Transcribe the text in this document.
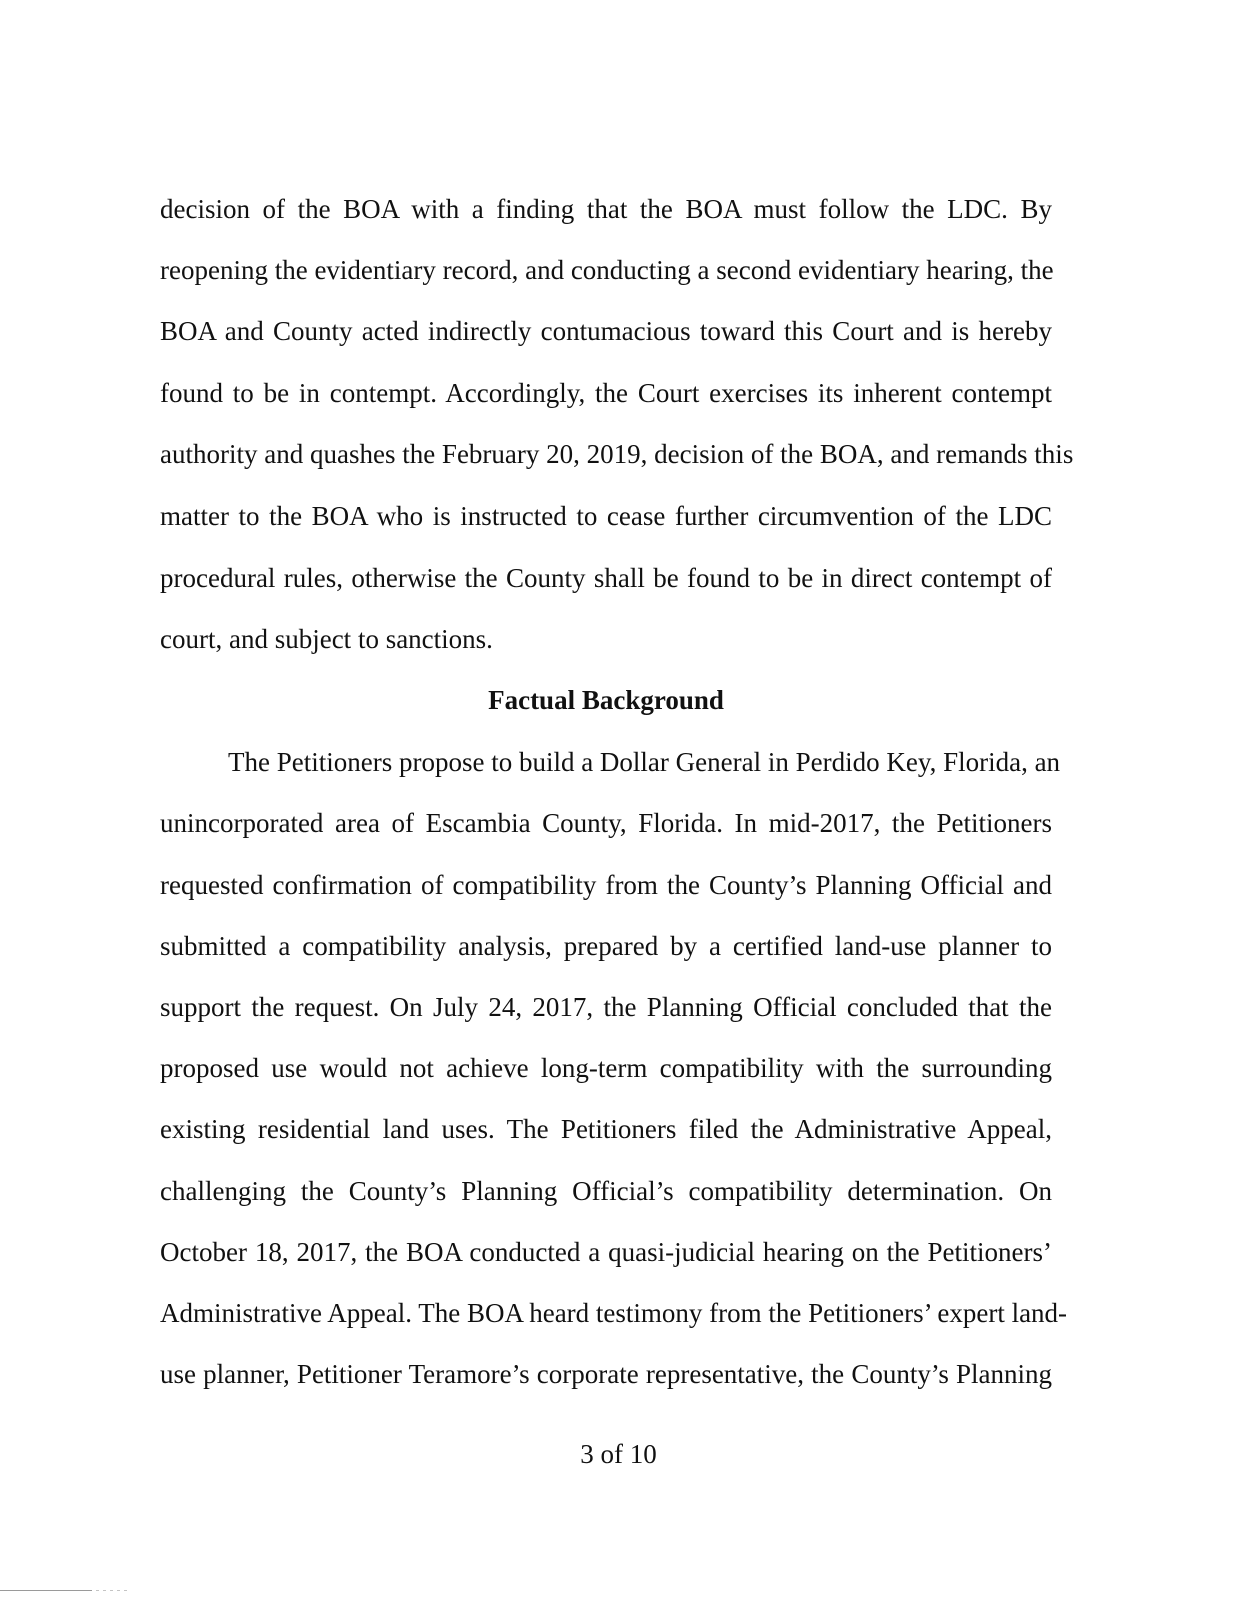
decision of the BOA with a finding that the BOA must follow the LDC. By
reopening the evidentiary record, and conducting a second evidentiary hearing, the
BOA and County acted indirectly contumacious toward this Court and is hereby
found to be in contempt. Accordingly, the Court exercises its inherent contempt
authority and quashes the February 20, 2019, decision of the BOA, and remands this
matter to the BOA who is instructed to cease further circumvention of the LDC
procedural rules, otherwise the County shall be found to be in direct contempt of
court, and subject to sanctions.
Factual Background
The Petitioners propose to build a Dollar General in Perdido Key, Florida, an
unincorporated area of Escambia County, Florida. In mid-2017, the Petitioners
requested confirmation of compatibility from the County’s Planning Official and
submitted a compatibility analysis, prepared by a certified land-use planner to
support the request. On July 24, 2017, the Planning Official concluded that the
proposed use would not achieve long-term compatibility with the surrounding
existing residential land uses. The Petitioners filed the Administrative Appeal,
challenging the County’s Planning Official’s compatibility determination. On
October 18, 2017, the BOA conducted a quasi-judicial hearing on the Petitioners’
Administrative Appeal. The BOA heard testimony from the Petitioners’ expert land-
use planner, Petitioner Teramore’s corporate representative, the County’s Planning
3 of 10
